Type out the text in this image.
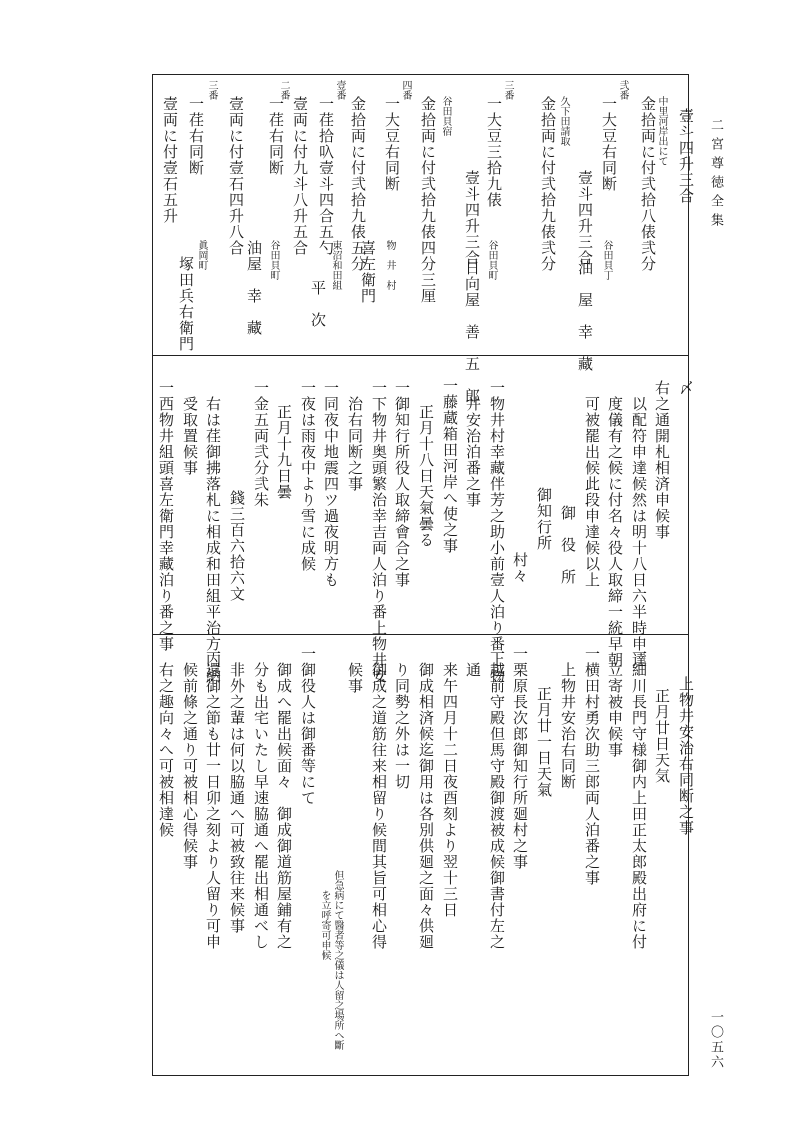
二宮尊徳全集
一〇五六
壹斗四升三合
中里河岸出にて
金拾両に付弐拾八俵弐分
弐番
一大豆右同断
谷田貝丁
壹斗四升三合
油　屋　幸　藏
久下田請取
金拾両に付弐拾九俵弐分
三番
一大豆三拾九俵
谷田貝町
壹斗四升三合
日向屋　善　五　郎
谷田貝宿
金拾両に付弐拾九俵四分三厘
四番
一大豆右同断
物　井　村
喜左衛門
金拾両に付弐拾九俵五分
壹番
東沼和田組
一荏拾叺壹斗四合五勺
平　次
壹両に付九斗八升五合
二番
一荏右同断
谷田貝町
油屋　幸　藏
壹両に付壹石四升八合
三番
眞岡町
一荏右同断
塚田兵右衛門
壹両に付壹石五升
〆
右之通開札相済申候事
以配符申達候然は明十八日六半時申達
度儀有之候に付名々役人取締一統早朝
可被罷出候此段申達候以上
御　役　所
御知行所
村々
一物井村幸藏伴芳之助小前壹人泊り番上物
井安治泊番之事
一藤蔵箱田河岸へ使之事
正月十八日天氣曇る
一御知行所役人取締會合之事
一下物井奥頭繁治幸吉両人泊り番上物井安
治右同断之事
一同夜中地震四ツ過夜明方も
一夜は雨夜中より雪に成候
正月十九日曇
一金五両弐分弐朱
錢三百六拾六文
右は荏御拂落札に相成和田組平治方内納
受取置候事
一西物井組頭喜左衛門幸藏泊り番之事
上物井安治右同断之事
正月廿日天気
一細川長門守様御内上田正太郎殿出府に付
立寄被申候事
一横田村勇次助三郎両人泊番之事
上物井安治右同断
正月廿一日天氣
一栗原長次郎御知行所廻村之事
一越前守殿但馬守殿御渡被成候御書付左之
通
来午四月十二日夜酉刻より翌十三日
御成相済候迄御用は各別供廻之面々供廻
り同勢之外は一切
御成之道筋往来相留り候間其旨可相心得
候事
但急病にて醫者等之儀は人留之場所へ斷
を立呼寄可申候
一御役人は御番等にて
御成へ罷出候面々　御成御道筋屋鋪有之
分も出宅いたし早速脇通へ罷出相通べし
非外之輩は何以脇通へ可被致往来候事
一還御之節も廿一日卯之刻より人留り可申
候前條之通り可被相心得候事
右之趣向々へ可被相達候
